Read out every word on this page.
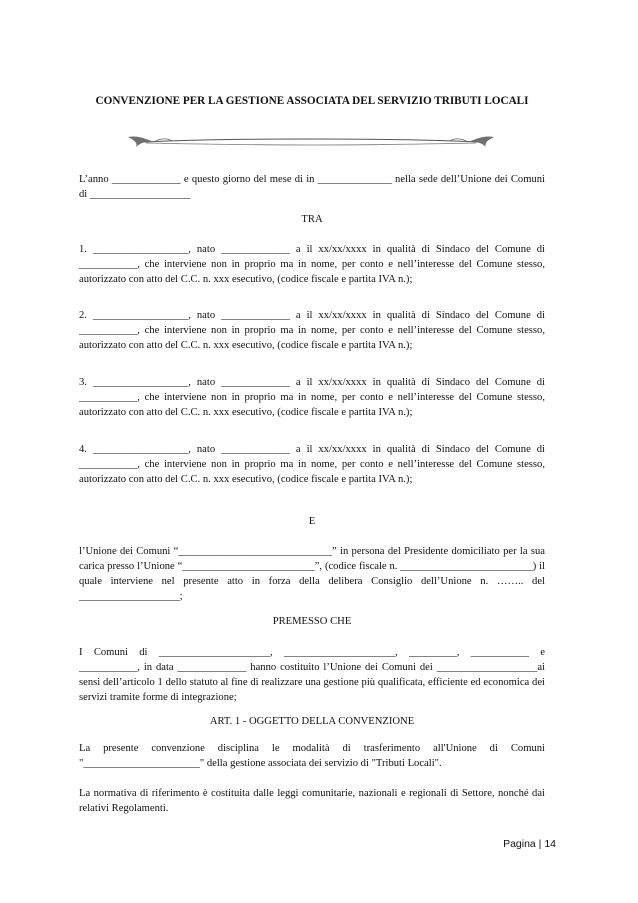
CONVENZIONE PER LA GESTIONE ASSOCIATA DEL SERVIZIO TRIBUTI LOCALI
L’anno _____________ e questo giorno del mese di in ______________ nella sede dell’Unione dei Comuni di ___________________
TRA
1. __________________, nato _____________ a il xx/xx/xxxx in qualità di Sindaco del Comune di ___________, che interviene non in proprio ma in nome, per conto e nell’interesse del Comune stesso, autorizzato con atto del C.C. n. xxx esecutivo, (codice fiscale e partita IVA n.);
2. __________________, nato _____________ a il xx/xx/xxxx in qualità di Sindaco del Comune di ___________, che interviene non in proprio ma in nome, per conto e nell’interesse del Comune stesso, autorizzato con atto del C.C. n. xxx esecutivo, (codice fiscale e partita IVA n.);
3. __________________, nato _____________ a il xx/xx/xxxx in qualità di Sindaco del Comune di ___________, che interviene non in proprio ma in nome, per conto e nell’interesse del Comune stesso, autorizzato con atto del C.C. n. xxx esecutivo, (codice fiscale e partita IVA n.);
4. __________________, nato _____________ a il xx/xx/xxxx in qualità di Sindaco del Comune di ___________, che interviene non in proprio ma in nome, per conto e nell’interesse del Comune stesso, autorizzato con atto del C.C. n. xxx esecutivo, (codice fiscale e partita IVA n.);
E
l’Unione dei Comuni “_____________________________” in persona del Presidente domiciliato per la sua carica presso l’Unione “_________________________”, (codice fiscale n. _________________________) il quale interviene nel presente atto in forza della delibera Consiglio dell’Unione n. …….. del ___________________;
PREMESSO CHE
I Comuni di _____________________, _____________________, _________, ___________ e ___________, in data _____________ hanno costituito l’Unione dei Comuni dei ___________________ai sensi dell’articolo 1 dello statuto al fine di realizzare una gestione più qualificata, efficiente ed economica dei servizi tramite forme di integrazione;
ART. 1 - OGGETTO DELLA CONVENZIONE
La presente convenzione disciplina le modalità di trasferimento all'Unione di Comuni "______________________" della gestione associata dei servizio di "Tributi Locali".
La normativa di riferimento è costituita dalle leggi comunitarie, nazionali e regionali di Settore, nonché dai relativi Regolamenti.
Pagina | 14
